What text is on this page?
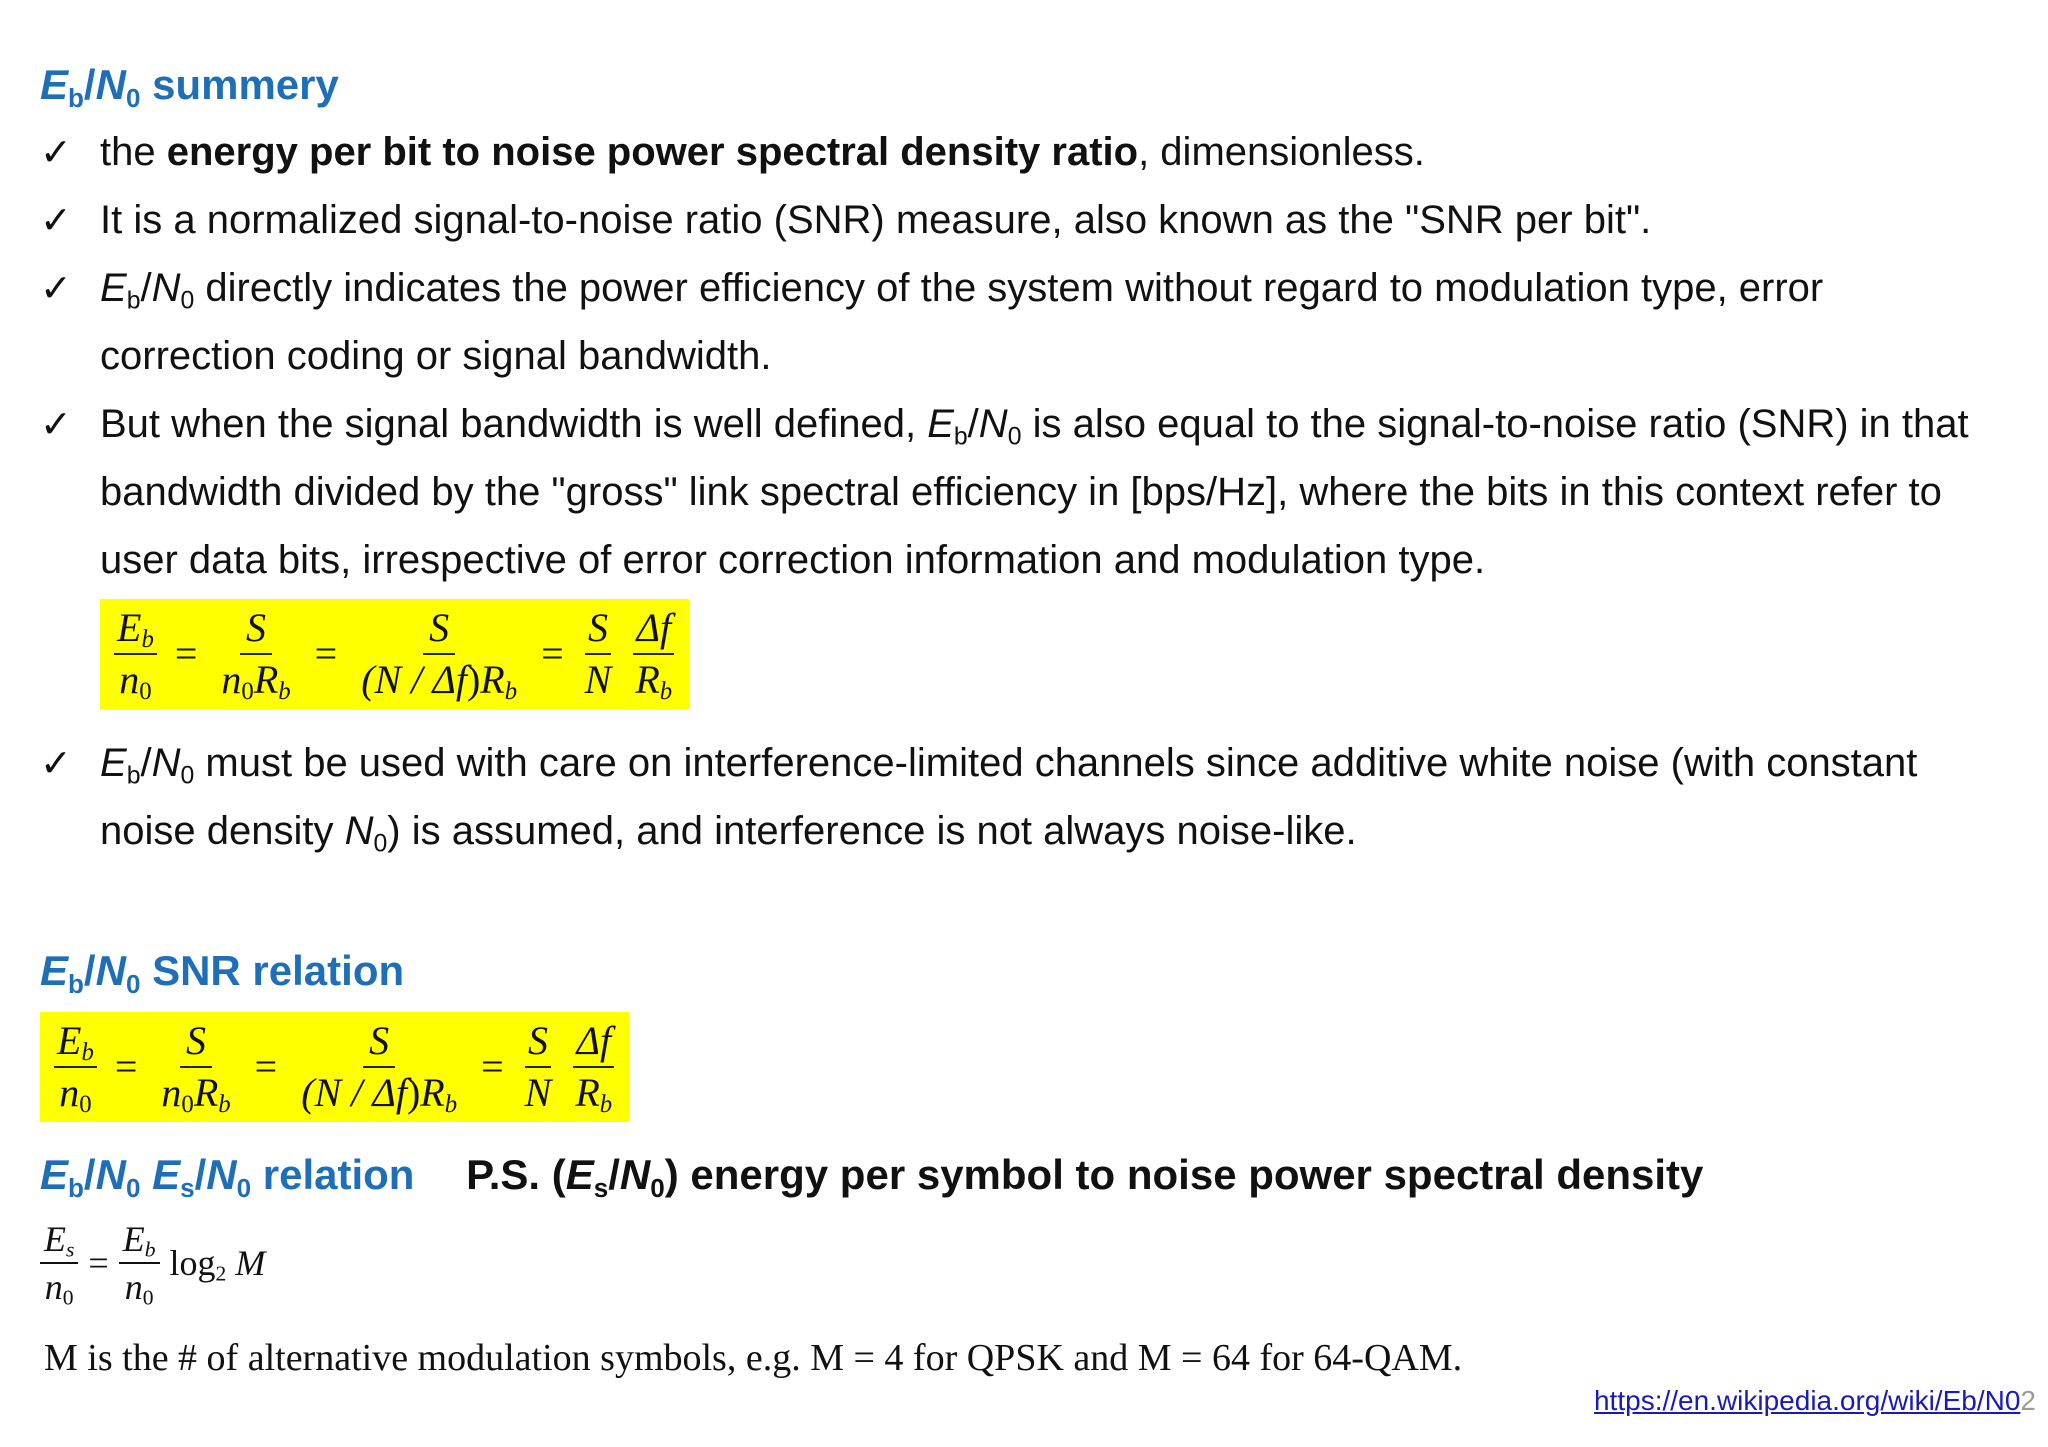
$E_b/N_0$ summery
✓ the energy per bit to noise power spectral density ratio, dimensionless.
✓ It is a normalized signal-to-noise ratio (SNR) measure, also known as the "SNR per bit".
✓ $E_b/N_0$ directly indicates the power efficiency of the system without regard to modulation type, error correction coding or signal bandwidth.
✓ But when the signal bandwidth is well defined, $E_b/N_0$ is also equal to the signal-to-noise ratio (SNR) in that bandwidth divided by the "gross" link spectral efficiency in [bps/Hz], where the bits in this context refer to user data bits, irrespective of error correction information and modulation type.
$\frac{E_b}{n_0} = \frac{S}{n_0R_b} = \frac{S}{(N / \Delta f)R_b} = \frac{S}{N} \frac{\Delta f}{R_b}$
✓ $E_b/N_0$ must be used with care on interference-limited channels since additive white noise (with constant noise density $N_0$) is assumed, and interference is not always noise-like.
$E_b/N_0$ SNR relation
$\frac{E_b}{n_0} = \frac{S}{n_0R_b} = \frac{S}{(N / \Delta f)R_b} = \frac{S}{N} \frac{\Delta f}{R_b}$
$E_b/N_0$ $E_s/N_0$ relation P.S. $(E_s/N_0)$ energy per symbol to noise power spectral density
$\frac{E_s}{n_0} = \frac{E_b}{n_0} \log_2 M$

M is the # of alternative modulation symbols, e.g. M = 4 for QPSK and M = 64 for 64-QAM.

https://en.wikipedia.org/wiki/Eb/N02
